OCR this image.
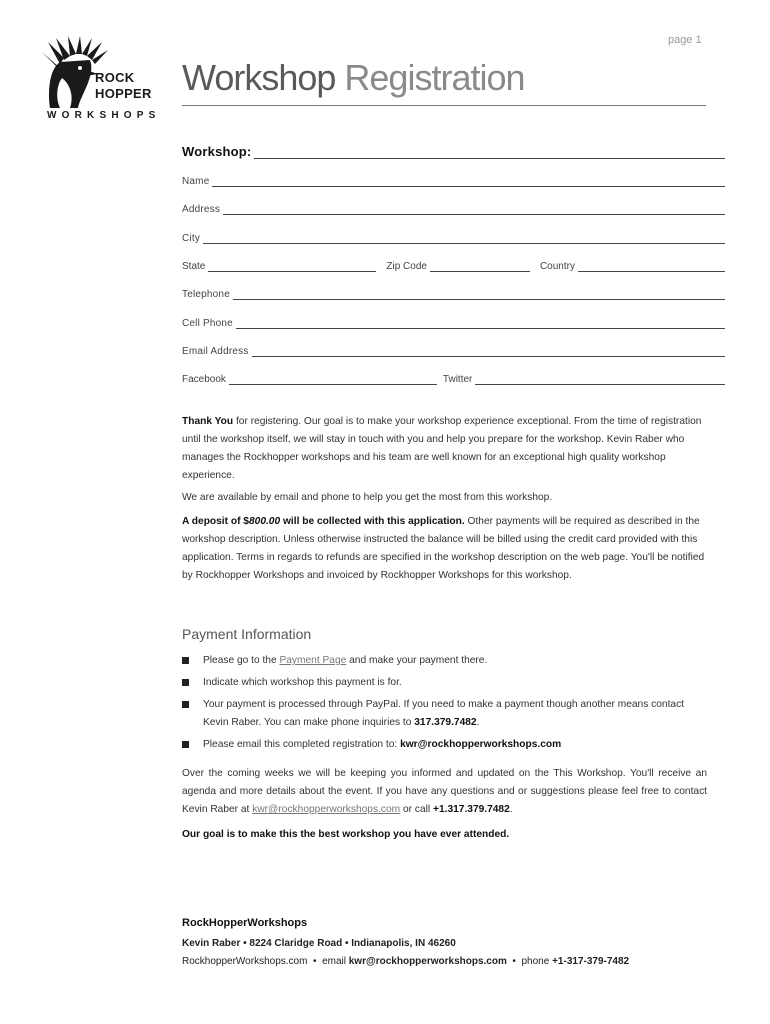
page 1
ROCK
HOPPER
WORKSHOPS
Workshop Registration
Workshop:
Name
Address
City
State	Zip Code	Country
Telephone
Cell Phone
Email Address
Facebook	Twitter
Thank You for registering. Our goal is to make your workshop experience exceptional. From the time of registration until the workshop itself, we will stay in touch with you and help you prepare for the workshop. Kevin Raber who manages the Rockhopper workshops and his team are well known for an exceptional high quality workshop experience.
We are available by email and phone to help you get the most from this workshop.
A deposit of $800.00 will be collected with this application. Other payments will be required as described in the workshop description. Unless otherwise instructed the balance will be billed using the credit card provided with this application. Terms in regards to refunds are specified in the workshop description on the web page. You'll be notified by Rockhopper Workshops and invoiced by Rockhopper Workshops for this workshop.
Payment Information
Please go to the Payment Page and make your payment there.
Indicate which workshop this payment is for.
Your payment is processed through PayPal. If you need to make a payment though another means contact Kevin Raber. You can make phone inquiries to 317.379.7482.
Please email this completed registration to: kwr@rockhopperworkshops.com
Over the coming weeks we will be keeping you informed and updated on the This Workshop. You'll receive an agenda and more details about the event. If you have any questions and or suggestions please feel free to contact Kevin Raber at kwr@rockhopperworkshops.com or call +1.317.379.7482.
Our goal is to make this the best workshop you have ever attended.
RockHopperWorkshops
Kevin Raber • 8224 Claridge Road • Indianapolis, IN 46260
RockhopperWorkshops.com  •  email kwr@rockhopperworkshops.com  •  phone +1-317-379-7482
